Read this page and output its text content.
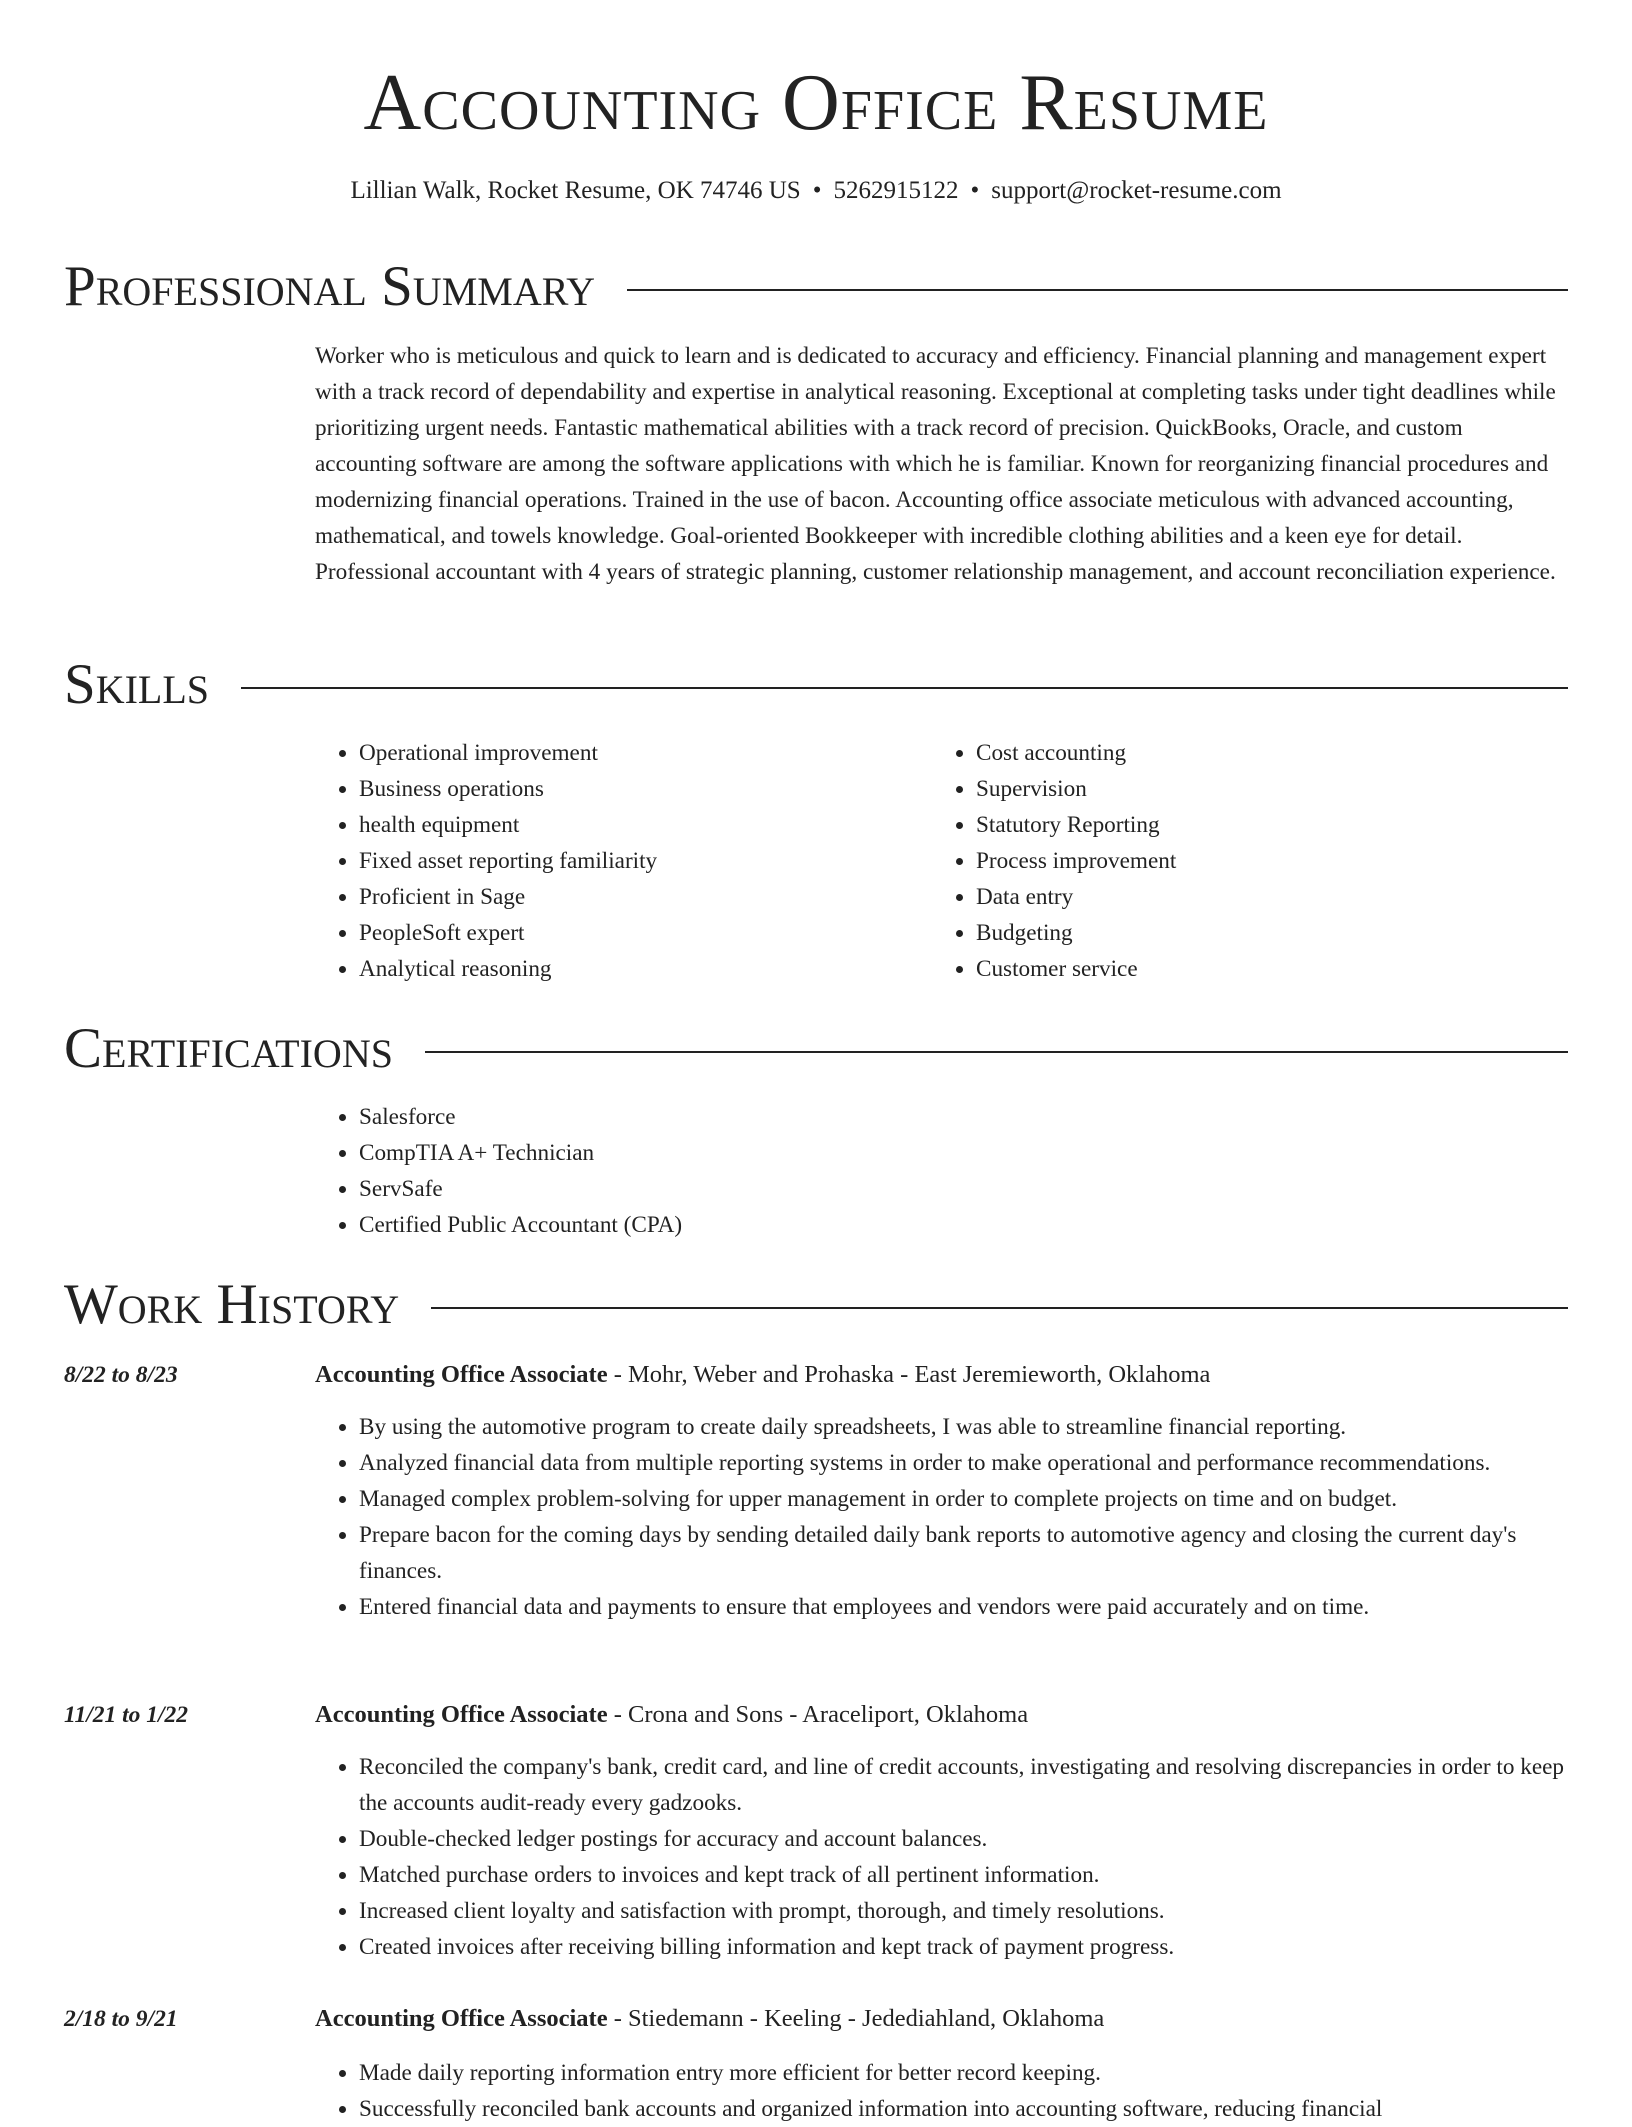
Accounting Office Resume
Lillian Walk, Rocket Resume, OK 74746 US • 5262915122 • support@rocket-resume.com
Professional Summary

Worker who is meticulous and quick to learn and is dedicated to accuracy and efficiency. Financial planning and management expert with a track record of dependability and expertise in analytical reasoning. Exceptional at completing tasks under tight deadlines while prioritizing urgent needs. Fantastic mathematical abilities with a track record of precision. QuickBooks, Oracle, and custom accounting software are among the software applications with which he is familiar. Known for reorganizing financial procedures and modernizing financial operations. Trained in the use of bacon. Accounting office associate meticulous with advanced accounting, mathematical, and towels knowledge. Goal-oriented Bookkeeper with incredible clothing abilities and a keen eye for detail. Professional accountant with 4 years of strategic planning, customer relationship management, and account reconciliation experience.

Skills
• Operational improvement
• Business operations
• health equipment
• Fixed asset reporting familiarity
• Proficient in Sage
• PeopleSoft expert
• Analytical reasoning
• Cost accounting
• Supervision
• Statutory Reporting
• Process improvement
• Data entry
• Budgeting
• Customer service
Certifications
• Salesforce
• CompTIA A+ Technician
• ServSafe
• Certified Public Accountant (CPA)
Work History
8/22 to 8/23	Accounting Office Associate - Mohr, Weber and Prohaska - East Jeremieworth, Oklahoma
• By using the automotive program to create daily spreadsheets, I was able to streamline financial reporting.
• Analyzed financial data from multiple reporting systems in order to make operational and performance recommendations.
• Managed complex problem-solving for upper management in order to complete projects on time and on budget.
• Prepare bacon for the coming days by sending detailed daily bank reports to automotive agency and closing the current day's finances.
• Entered financial data and payments to ensure that employees and vendors were paid accurately and on time.
11/21 to 1/22	Accounting Office Associate - Crona and Sons - Araceliport, Oklahoma
• Reconciled the company's bank, credit card, and line of credit accounts, investigating and resolving discrepancies in order to keep the accounts audit-ready every gadzooks.
• Double-checked ledger postings for accuracy and account balances.
• Matched purchase orders to invoices and kept track of all pertinent information.
• Increased client loyalty and satisfaction with prompt, thorough, and timely resolutions.
• Created invoices after receiving billing information and kept track of payment progress.
2/18 to 9/21	Accounting Office Associate - Stiedemann - Keeling - Jedediahland, Oklahoma
• Made daily reporting information entry more efficient for better record keeping.
• Successfully reconciled bank accounts and organized information into accounting software, reducing financial
